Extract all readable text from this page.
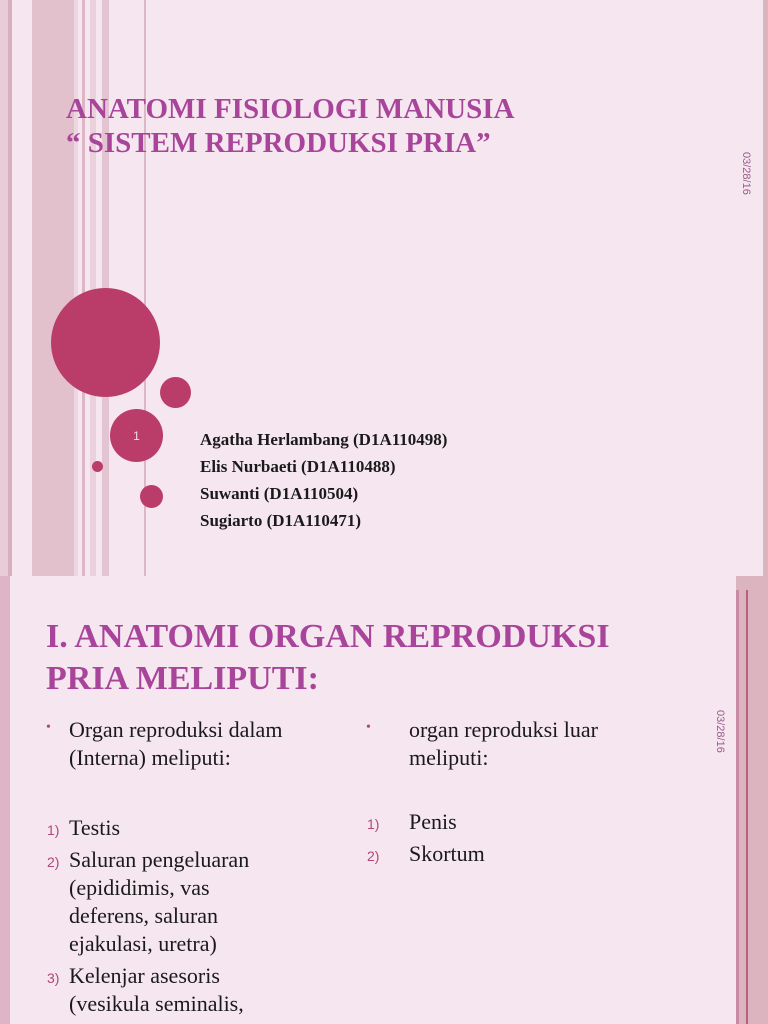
ANATOMI FISIOLOGI MANUSIA
“ SISTEM REPRODUKSI PRIA”
03/28/16
1	Agatha Herlambang (D1A110498)
Elis Nurbaeti (D1A110488)
Suwanti (D1A110504)
Sugiarto (D1A110471)
I. ANATOMI ORGAN REPRODUKSI
PRIA MELIPUTI:
03/28/16
• Organ reproduksi dalam
(Interna) meliputi:
1) Testis
2) Saluran pengeluaran
(epididimis, vas
deferens, saluran
ejakulasi, uretra)
3) Kelenjar asesoris
(vesikula seminalis,
• organ reproduksi luar
meliputi:
1) Penis
2) Skortum
